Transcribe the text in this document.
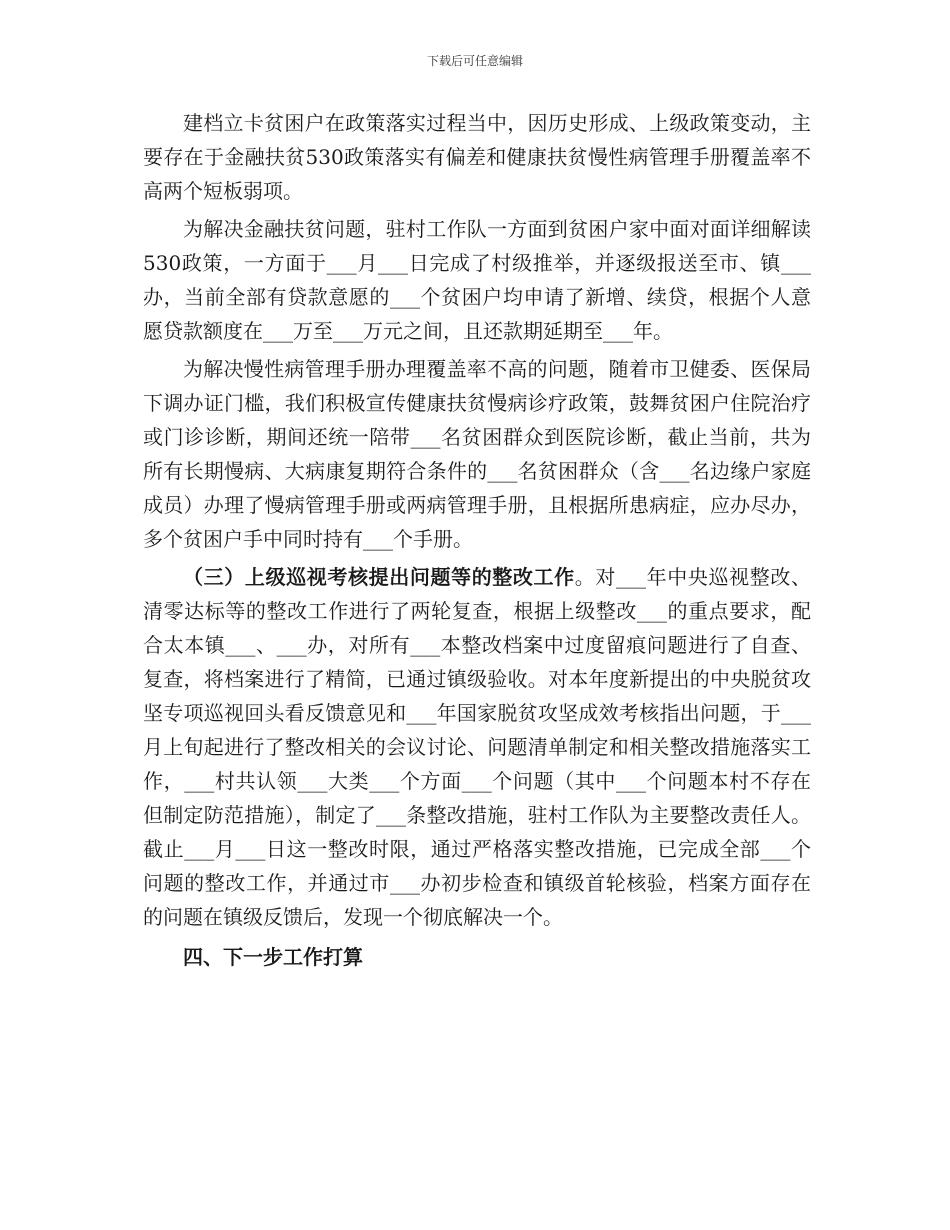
下载后可任意编辑

建档立卡贫困户在政策落实过程当中，因历史形成、上级政策变动，主要存在于金融扶贫530政策落实有偏差和健康扶贫慢性病管理手册覆盖率不高两个短板弱项。

为解决金融扶贫问题，驻村工作队一方面到贫困户家中面对面详细解读530政策，一方面于___月___日完成了村级推举，并逐级报送至市、镇___办，当前全部有贷款意愿的___个贫困户均申请了新增、续贷，根据个人意愿贷款额度在___万至___万元之间，且还款期延期至___年。

为解决慢性病管理手册办理覆盖率不高的问题，随着市卫健委、医保局下调办证门槛，我们积极宣传健康扶贫慢病诊疗政策，鼓舞贫困户住院治疗或门诊诊断，期间还统一陪带___名贫困群众到医院诊断，截止当前，共为所有长期慢病、大病康复期符合条件的___名贫困群众（含___名边缘户家庭成员）办理了慢病管理手册或两病管理手册，且根据所患病症，应办尽办，多个贫困户手中同时持有___个手册。

（三）上级巡视考核提出问题等的整改工作。对___年中央巡视整改、清零达标等的整改工作进行了两轮复查，根据上级整改___的重点要求，配合太本镇___、___办，对所有___本整改档案中过度留痕问题进行了自查、复查，将档案进行了精简，已通过镇级验收。对本年度新提出的中央脱贫攻坚专项巡视回头看反馈意见和___年国家脱贫攻坚成效考核指出问题，于___月上旬起进行了整改相关的会议讨论、问题清单制定和相关整改措施落实工作，___村共认领___大类___个方面___个问题（其中___个问题本村不存在但制定防范措施），制定了___条整改措施，驻村工作队为主要整改责任人。截止___月___日这一整改时限，通过严格落实整改措施，已完成全部___个问题的整改工作，并通过市___办初步检查和镇级首轮核验，档案方面存在的问题在镇级反馈后，发现一个彻底解决一个。

四、下一步工作打算
